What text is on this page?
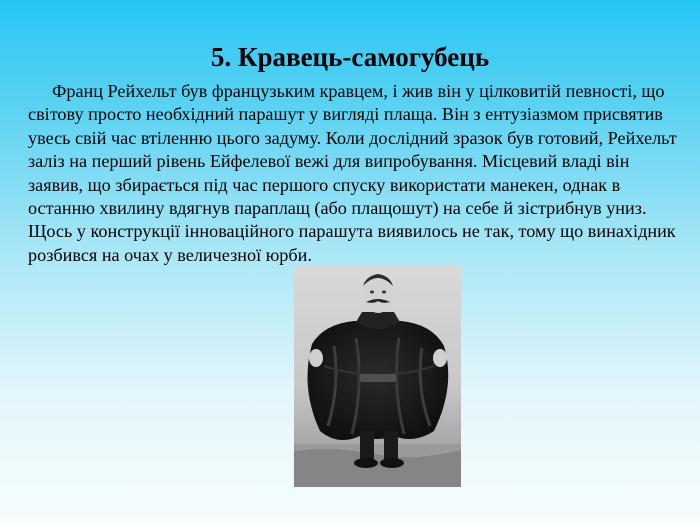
5. Кравець-самогубець

Франц Рейхельт був французьким кравцем, і жив він у цілковитій певності, що світову просто необхідний парашут у вигляді плаща. Він з ентузіазмом присвятив увесь свій час втіленню цього задуму. Коли дослідний зразок був готовий, Рейхельт заліз на перший рівень Ейфелевої вежі для випробування. Місцевий владі він заявив, що збирається під час першого спуску використати манекен, однак в останню хвилину вдягнув параплащ (або плащошут) на себе й зістрибнув униз. Щось у конструкції інноваційного парашута виявилось не так, тому що винахідник розбився на очах у величезної юрби.
